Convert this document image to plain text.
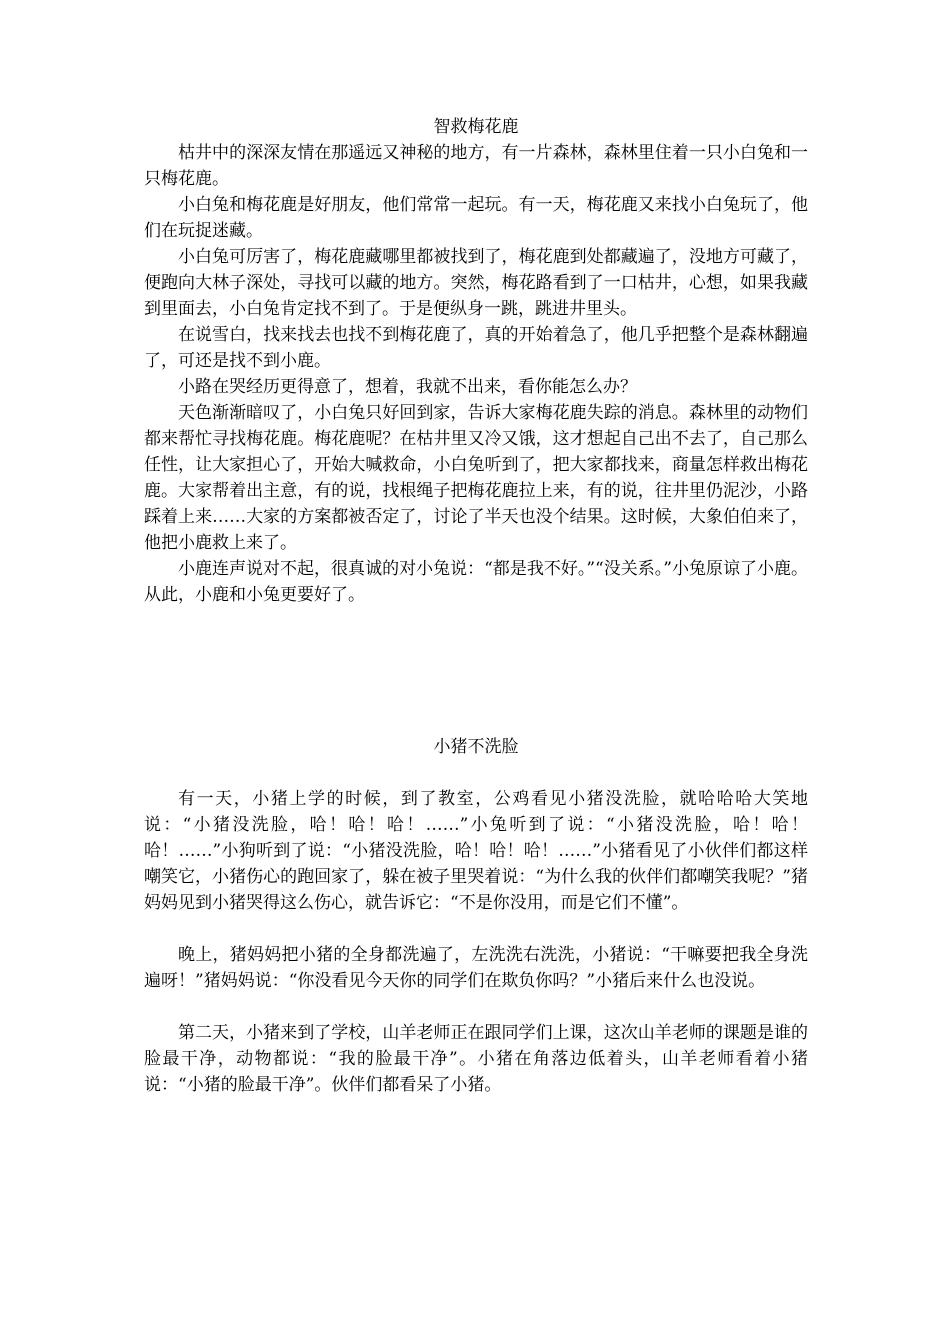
智救梅花鹿

枯井中的深深友情在那遥远又神秘的地方，有一片森林，森林里住着一只小白兔和一只梅花鹿。

小白兔和梅花鹿是好朋友，他们常常一起玩。有一天，梅花鹿又来找小白兔玩了，他们在玩捉迷藏。

小白兔可厉害了，梅花鹿藏哪里都被找到了，梅花鹿到处都藏遍了，没地方可藏了，便跑向大林子深处，寻找可以藏的地方。突然，梅花路看到了一口枯井，心想，如果我藏到里面去，小白兔肯定找不到了。于是便纵身一跳，跳进井里头。

在说雪白，找来找去也找不到梅花鹿了，真的开始着急了，他几乎把整个是森林翻遍了，可还是找不到小鹿。

小路在哭经历更得意了，想着，我就不出来，看你能怎么办？

天色渐渐暗叹了，小白兔只好回到家，告诉大家梅花鹿失踪的消息。森林里的动物们都来帮忙寻找梅花鹿。梅花鹿呢？在枯井里又冷又饿，这才想起自己出不去了，自己那么任性，让大家担心了，开始大喊救命，小白兔听到了，把大家都找来，商量怎样救出梅花鹿。大家帮着出主意，有的说，找根绳子把梅花鹿拉上来，有的说，往井里仍泥沙，小路踩着上来……大家的方案都被否定了，讨论了半天也没个结果。这时候，大象伯伯来了，他把小鹿救上来了。

小鹿连声说对不起，很真诚的对小兔说：“都是我不好。”“没关系。”小兔原谅了小鹿。从此，小鹿和小兔更要好了。

小猪不洗脸

有一天，小猪上学的时候，到了教室，公鸡看见小猪没洗脸，就哈哈哈大笑地说：“小猪没洗脸，哈！哈！哈！……”小兔听到了说：“小猪没洗脸，哈！哈！哈！……”小狗听到了说：“小猪没洗脸，哈！哈！哈！……”小猪看见了小伙伴们都这样嘲笑它，小猪伤心的跑回家了，躲在被子里哭着说：“为什么我的伙伴们都嘲笑我呢？”猪妈妈见到小猪哭得这么伤心，就告诉它：“不是你没用，而是它们不懂”。

晚上，猪妈妈把小猪的全身都洗遍了，左洗洗右洗洗，小猪说：“干嘛要把我全身洗遍呀！”猪妈妈说：“你没看见今天你的同学们在欺负你吗？”小猪后来什么也没说。

第二天，小猪来到了学校，山羊老师正在跟同学们上课，这次山羊老师的课题是谁的脸最干净，动物都说：“我的脸最干净”。小猪在角落边低着头，山羊老师看着小猪说：“小猪的脸最干净”。伙伴们都看呆了小猪。
